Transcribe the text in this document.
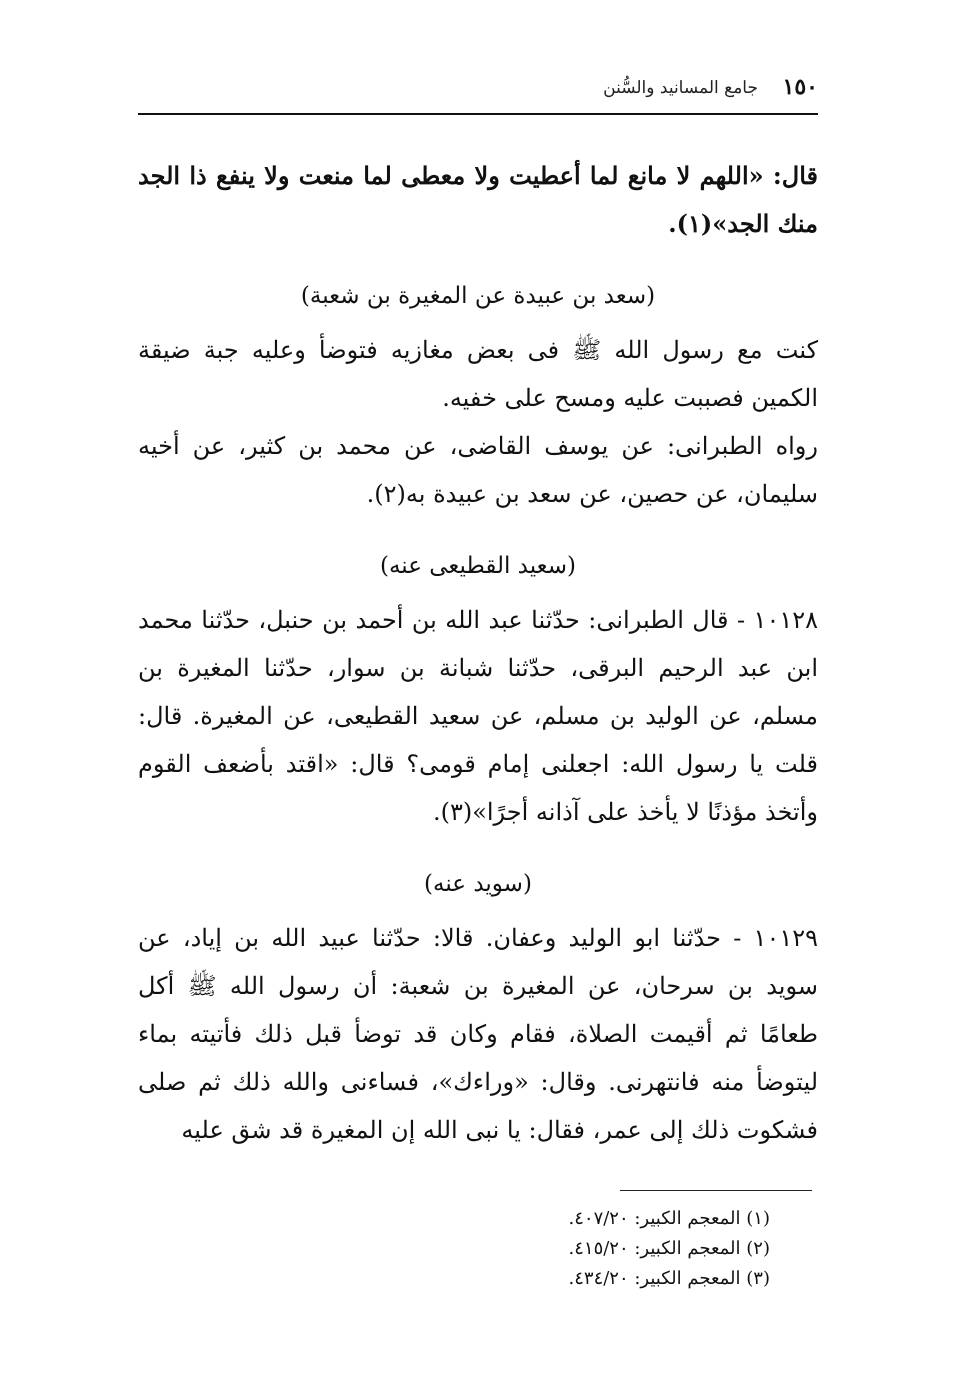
١٥٠
جامع المسانيد والسُّنن

قال: «اللهم لا مانع لما أعطيت ولا معطى لما منعت ولا ينفع ذا الجد منك الجد»(١).

(سعد بن عبيدة عن المغيرة بن شعبة)

كنت مع رسول الله ﷺ فى بعض مغازيه فتوضأ وعليه جبة ضيقة الكمين فصببت عليه ومسح على خفيه.

رواه الطبرانى: عن يوسف القاضى، عن محمد بن كثير، عن أخيه سليمان، عن حصين، عن سعد بن عبيدة به(٢).

(سعيد القطيعى عنه)

١٠١٢٨ - قال الطبرانى: حدّثنا عبد الله بن أحمد بن حنبل، حدّثنا محمد ابن عبد الرحيم البرقى، حدّثنا شبانة بن سوار، حدّثنا المغيرة بن مسلم، عن الوليد بن مسلم، عن سعيد القطيعى، عن المغيرة. قال: قلت يا رسول الله: اجعلنى إمام قومى؟ قال: «اقتد بأضعف القوم وأتخذ مؤذنًا لا يأخذ على آذانه أجرًا»(٣).

(سويد عنه)

١٠١٢٩ - حدّثنا ابو الوليد وعفان. قالا: حدّثنا عبيد الله بن إياد، عن سويد بن سرحان، عن المغيرة بن شعبة: أن رسول الله ﷺ أكل طعامًا ثم أقيمت الصلاة، فقام وكان قد توضأ قبل ذلك فأتيته بماء ليتوضأ منه فانتهرنى. وقال: «وراءك»، فساءنى والله ذلك ثم صلى فشكوت ذلك إلى عمر، فقال: يا نبى الله إن المغيرة قد شق عليه

(١) المعجم الكبير: ٤٠٧/٢٠.

(٢) المعجم الكبير: ٤١٥/٢٠.

(٣) المعجم الكبير: ٤٣٤/٢٠.
